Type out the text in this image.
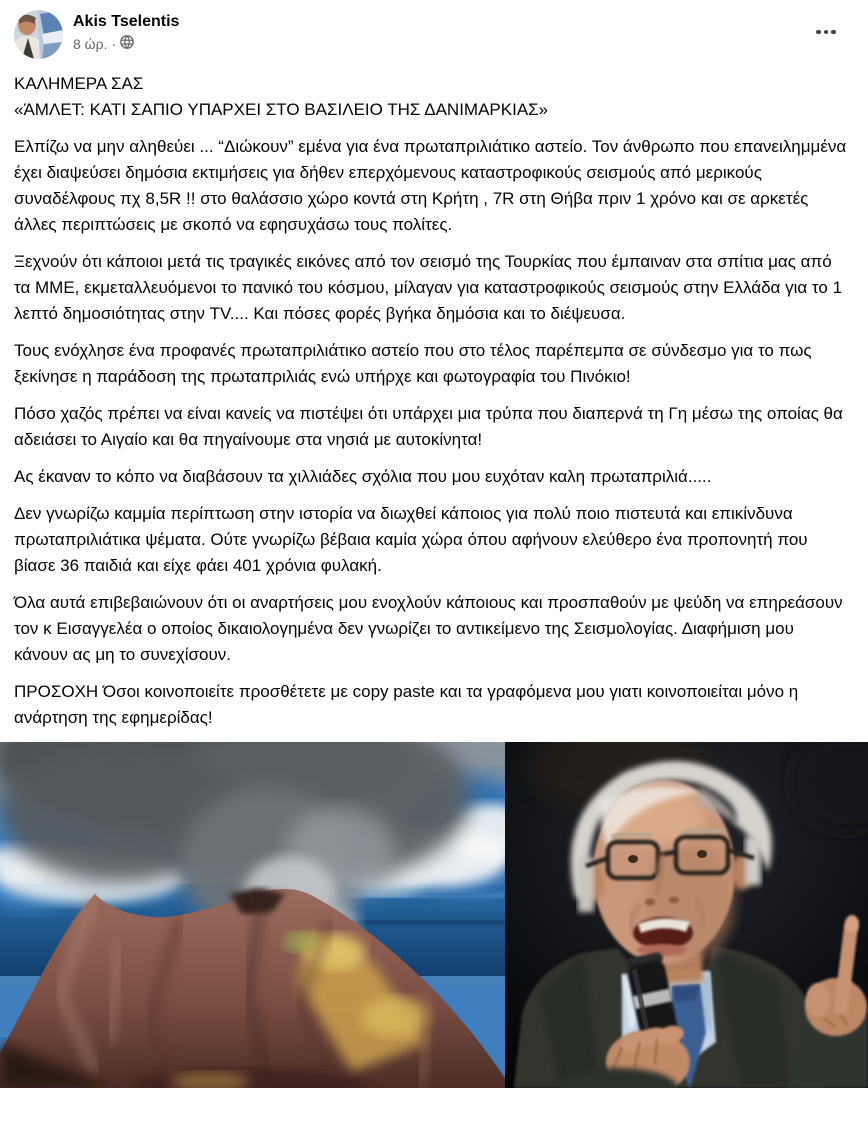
Akis Tselentis
8 ώρ. ·

ΚΑΛΗΜΕΡΑ ΣΑΣ
«ΆΜΛΕΤ: ΚΑΤΙ ΣΑΠΙΟ ΥΠΑΡΧΕΙ ΣΤΟ ΒΑΣΙΛΕΙΟ ΤΗΣ ΔΑΝΙΜΑΡΚΙΑΣ»

Ελπίζω να μην αληθεύει ... “Διώκουν” εμένα για ένα πρωταπριλιάτικο αστείο. Τον άνθρωπο που επανειλημμένα έχει διαψεύσει δημόσια εκτιμήσεις για δήθεν επερχόμενους καταστροφικούς σεισμούς από μερικούς συναδέλφους πχ 8,5R !! στο θαλάσσιο χώρο κοντά στη Κρήτη , 7R στη Θήβα πριν 1 χρόνο και σε αρκετές άλλες περιπτώσεις με σκοπό να εφησυχάσω τους πολίτες.

Ξεχνούν ότι κάποιοι μετά τις τραγικές εικόνες από τον σεισμό της Τουρκίας που έμπαιναν στα σπίτια μας από τα ΜΜΕ, εκμεταλλευόμενοι το πανικό του κόσμου, μίλαγαν για καταστροφικούς σεισμούς στην Ελλάδα για το 1 λεπτό δημοσιότητας στην TV.... Και πόσες φορές βγήκα δημόσια και το διέψευσα.

Τους ενόχλησε ένα προφανές πρωταπριλιάτικο αστείο που στο τέλος παρέπεμπα σε σύνδεσμο για το πως ξεκίνησε η παράδοση της πρωταπριλιάς ενώ υπήρχε και φωτογραφία του Πινόκιο!

Πόσο χαζός πρέπει να είναι κανείς να πιστέψει ότι υπάρχει μια τρύπα που διαπερνά τη Γη μέσω της οποίας θα αδειάσει το Αιγαίο και θα πηγαίνουμε στα νησιά με αυτοκίνητα!

Ας έκαναν το κόπο να διαβάσουν τα χιλλιάδες σχόλια που μου ευχόταν καλη πρωταπριλιά.....

Δεν γνωρίζω καμμία περίπτωση στην ιστορία να διωχθεί κάποιος για πολύ ποιο πιστευτά και επικίνδυνα πρωταπριλιάτικα ψέματα. Ούτε γνωρίζω βέβαια καμία χώρα όπου αφήνουν ελεύθερο ένα προπονητή που βίασε 36 παιδιά και είχε φάει 401 χρόνια φυλακή.

Όλα αυτά επιβεβαιώνουν ότι οι αναρτήσεις μου ενοχλούν κάποιους και προσπαθούν με ψεύδη να επηρεάσουν τον κ Εισαγγελέα ο οποίος δικαιολογημένα δεν γνωρίζει το αντικείμενο της Σεισμολογίας. Διαφήμιση μου κάνουν ας μη το συνεχίσουν.

ΠΡΟΣΟΧΗ Όσοι κοινοποιείτε προσθέτετε με copy paste και τα γραφόμενα μου γιατι κοινοποιείται μόνο η ανάρτηση της εφημερίδας!
